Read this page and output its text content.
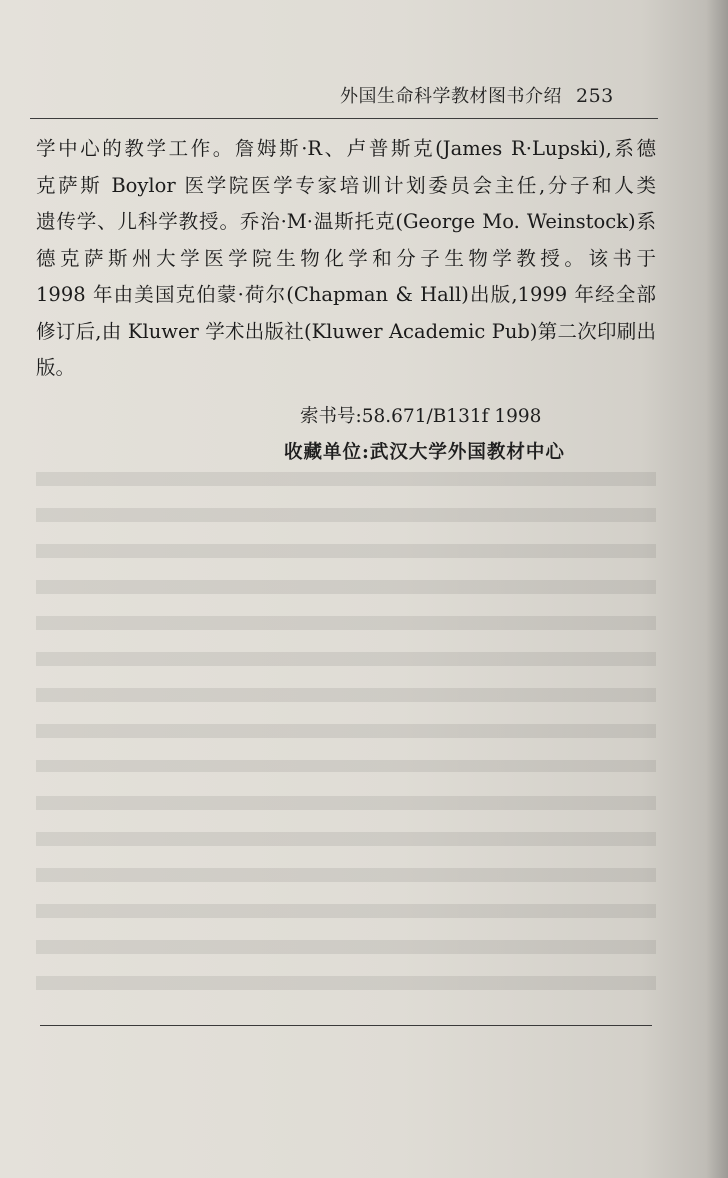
外国生命科学教材图书介绍 253
学中心的教学工作。詹姆斯·R、卢普斯克(James R·Lupski),系德
克萨斯 Boylor 医学院医学专家培训计划委员会主任,分子和人类
遗传学、儿科学教授。乔治·M·温斯托克(George Mo. Weinstock)系
德克萨斯州大学医学院生物化学和分子生物学教授。该书于
1998 年由美国克伯蒙·荷尔(Chapman & Hall)出版,1999 年经全部
修订后,由 Kluwer 学术出版社(Kluwer Academic Pub)第二次印刷出
版。
索书号:58.671/B131f 1998
收藏单位:武汉大学外国教材中心
